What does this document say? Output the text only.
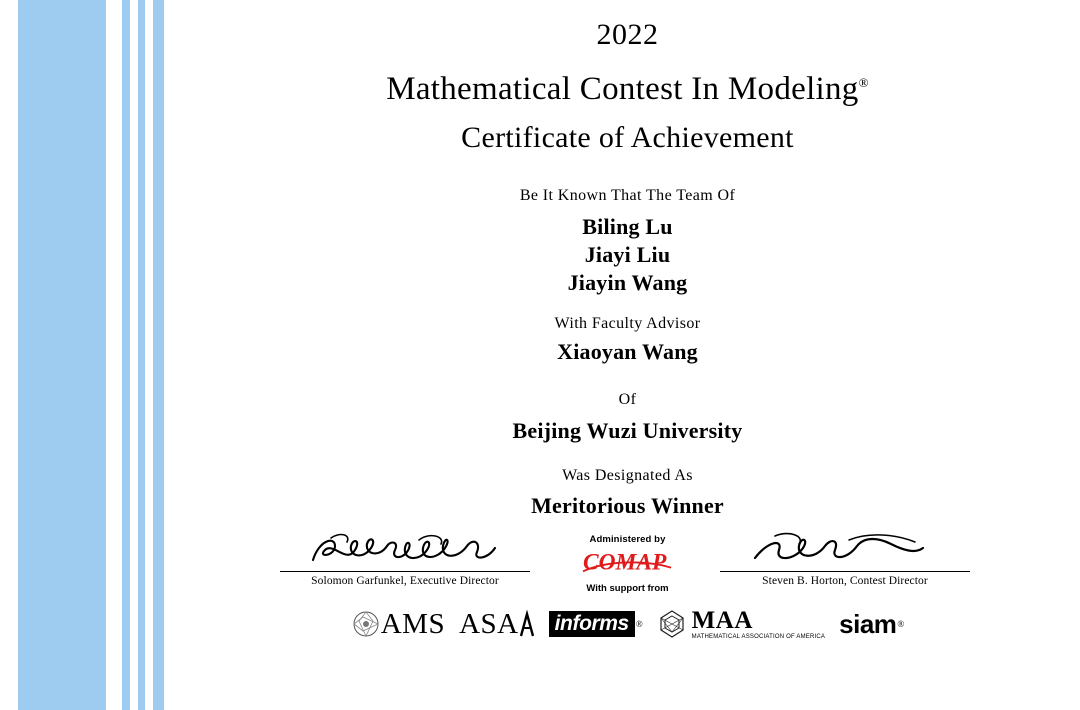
2022
Mathematical Contest In Modeling®
Certificate of Achievement
Be It Known That The Team Of
Biling Lu
Jiayi Liu
Jiayin Wang
With Faculty Advisor
Xiaoyan Wang
Of
Beijing Wuzi University
Was Designated As
Meritorious Winner
Solomon Garfunkel, Executive Director	Steven B. Horton, Contest Director
Administered by
COMAP
With support from
AMS ASA informs ® MAA
MATHEMATICAL ASSOCIATION OF AMERICA siam ®
